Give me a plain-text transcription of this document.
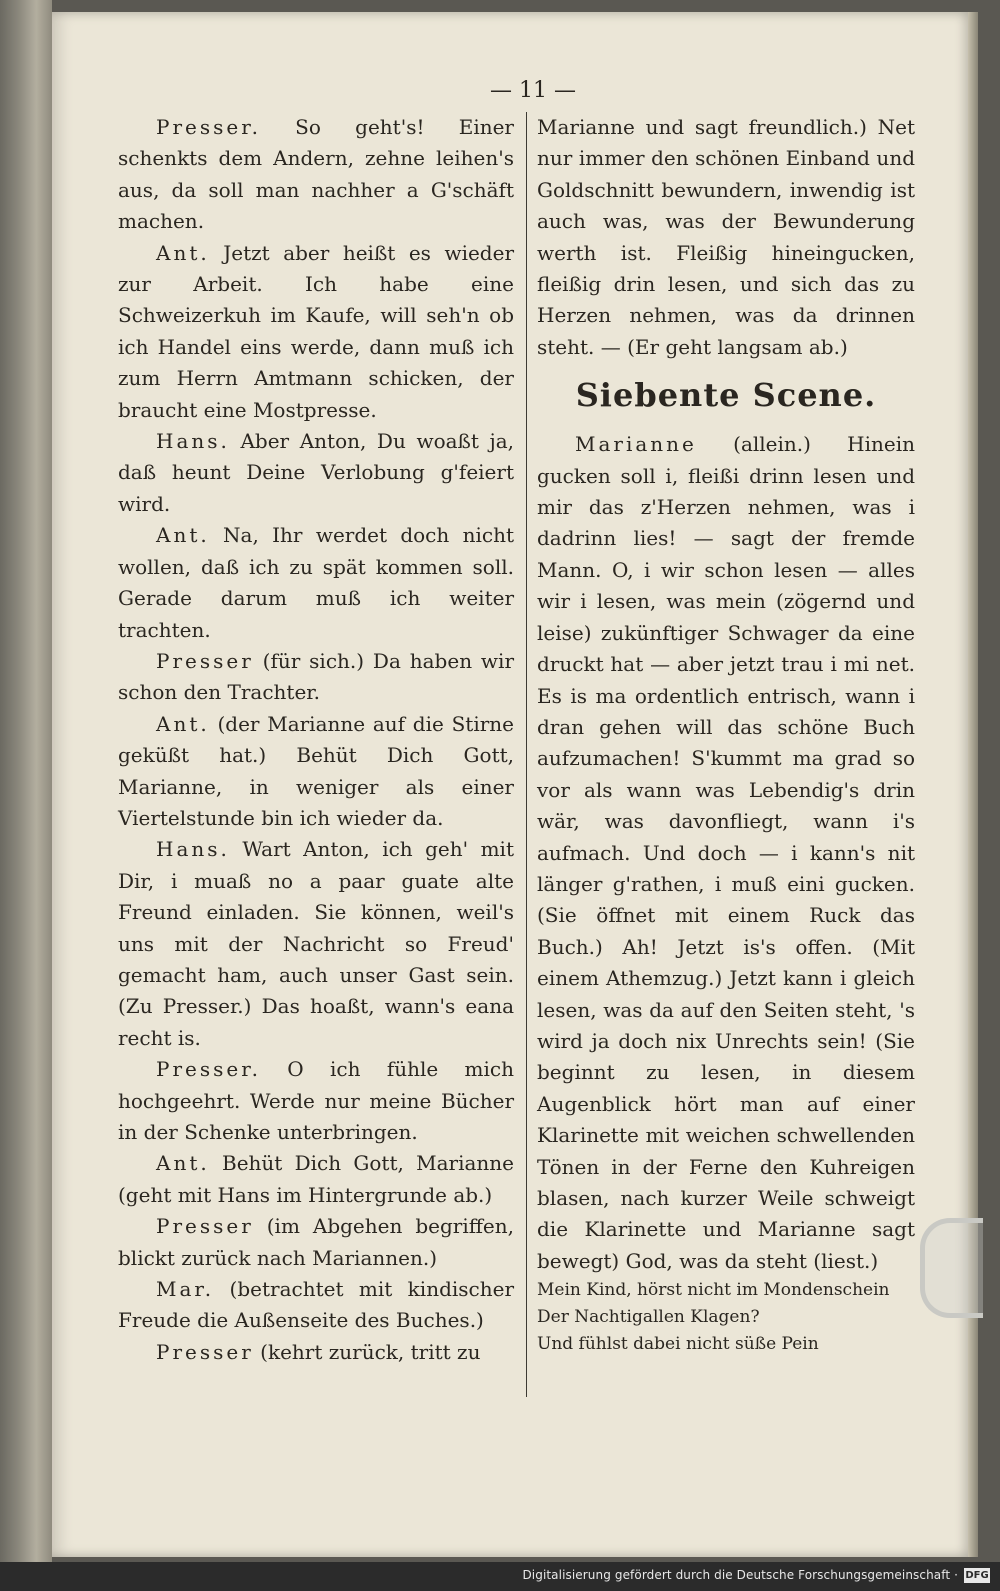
— 11 —

Presser. So geht's! Einer schenkts dem Andern, zehne leihen's aus, da soll man nachher a G'schäft machen.

Ant. Jetzt aber heißt es wieder zur Arbeit. Ich habe eine Schweizerkuh im Kaufe, will seh'n ob ich Handel eins werde, dann muß ich zum Herrn Amtmann schicken, der braucht eine Mostpresse.

Hans. Aber Anton, Du woaßt ja, daß heunt Deine Verlobung g'feiert wird.

Ant. Na, Ihr werdet doch nicht wollen, daß ich zu spät kommen soll. Gerade darum muß ich weiter trachten.

Presser (für sich.) Da haben wir schon den Trachter.

Ant. (der Marianne auf die Stirne geküßt hat.) Behüt Dich Gott, Marianne, in weniger als einer Viertelstunde bin ich wieder da.

Hans. Wart Anton, ich geh' mit Dir, i muaß no a paar guate alte Freund einladen. Sie können, weil's uns mit der Nachricht so Freud' gemacht ham, auch unser Gast sein. (Zu Presser.) Das hoaßt, wann's eana recht is.

Presser. O ich fühle mich hochgeehrt. Werde nur meine Bücher in der Schenke unterbringen.

Ant. Behüt Dich Gott, Marianne (geht mit Hans im Hintergrunde ab.)

Presser (im Abgehen begriffen, blickt zurück nach Mariannen.)

Mar. (betrachtet mit kindischer Freude die Außenseite des Buches.)

Presser (kehrt zurück, tritt zu

Marianne und sagt freundlich.) Net nur immer den schönen Einband und Goldschnitt bewundern, inwendig ist auch was, was der Bewunderung werth ist. Fleißig hineingucken, fleißig drin lesen, und sich das zu Herzen nehmen, was da drinnen steht. — (Er geht langsam ab.)

Siebente Scene.

Marianne (allein.) Hinein gucken soll i, fleißi drinn lesen und mir das z'Herzen nehmen, was i dadrinn lies! — sagt der fremde Mann. O, i wir schon lesen — alles wir i lesen, was mein (zögernd und leise) zukünftiger Schwager da eine druckt hat — aber jetzt trau i mi net. Es is ma ordentlich entrisch, wann i dran gehen will das schöne Buch aufzumachen! S'kummt ma grad so vor als wann was Lebendig's drin wär, was davonfliegt, wann i's aufmach. Und doch — i kann's nit länger g'rathen, i muß eini gucken. (Sie öffnet mit einem Ruck das Buch.) Ah! Jetzt is's offen. (Mit einem Athemzug.) Jetzt kann i gleich lesen, was da auf den Seiten steht, 's wird ja doch nix Unrechts sein! (Sie beginnt zu lesen, in diesem Augenblick hört man auf einer Klarinette mit weichen schwellenden Tönen in der Ferne den Kuhreigen blasen, nach kurzer Weile schweigt die Klarinette und Marianne sagt bewegt) God, was da steht (liest.)

Mein Kind, hörst nicht im Mondenschein

Der Nachtigallen Klagen?

Und fühlst dabei nicht süße Pein

Digitalisierung gefördert durch die Deutsche Forschungsgemeinschaft · DFG
